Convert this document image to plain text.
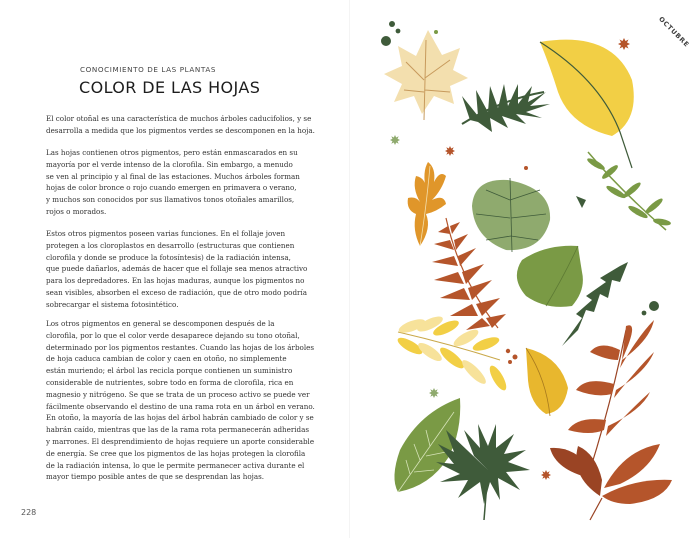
CONOCIMIENTO DE LAS PLANTAS
COLOR DE LAS HOJAS

El color otoñal es una característica de muchos árboles caducifolios, y se
desarrolla a medida que los pigmentos verdes se descomponen en la hoja.

Las hojas contienen otros pigmentos, pero están enmascarados en su
mayoría por el verde intenso de la clorofila. Sin embargo, a menudo
se ven al principio y al final de las estaciones. Muchos árboles forman
hojas de color bronce o rojo cuando emergen en primavera o verano,
y muchos son conocidos por sus llamativos tonos otoñales amarillos,
rojos o morados.

Estos otros pigmentos poseen varias funciones. En el follaje joven
protegen a los cloroplastos en desarrollo (estructuras que contienen
clorofila y donde se produce la fotosíntesis) de la radiación intensa,
que puede dañarlos, además de hacer que el follaje sea menos atractivo
para los depredadores. En las hojas maduras, aunque los pigmentos no
sean visibles, absorben el exceso de radiación, que de otro modo podría
sobrecargar el sistema fotosintético.

Los otros pigmentos en general se descomponen después de la
clorofila, por lo que el color verde desaparece dejando su tono otoñal,
determinado por los pigmentos restantes. Cuando las hojas de los árboles
de hoja caduca cambian de color y caen en otoño, no simplemente
están muriendo; el árbol las recicla porque contienen un suministro
considerable de nutrientes, sobre todo en forma de clorofila, rica en
magnesio y nitrógeno. Se que se trata de un proceso activo se puede ver
fácilmente observando el destino de una rama rota en un árbol en verano.
En otoño, la mayoría de las hojas del árbol habrán cambiado de color y se
habrán caído, mientras que las de la rama rota permanecerán adheridas
y marrones. El desprendimiento de hojas requiere un aporte considerable
de energía. Se cree que los pigmentos de las hojas protegen la clorofila
de la radiación intensa, lo que le permite permanecer activa durante el
mayor tiempo posible antes de que se desprendan las hojas.

228
OCTUBRE
